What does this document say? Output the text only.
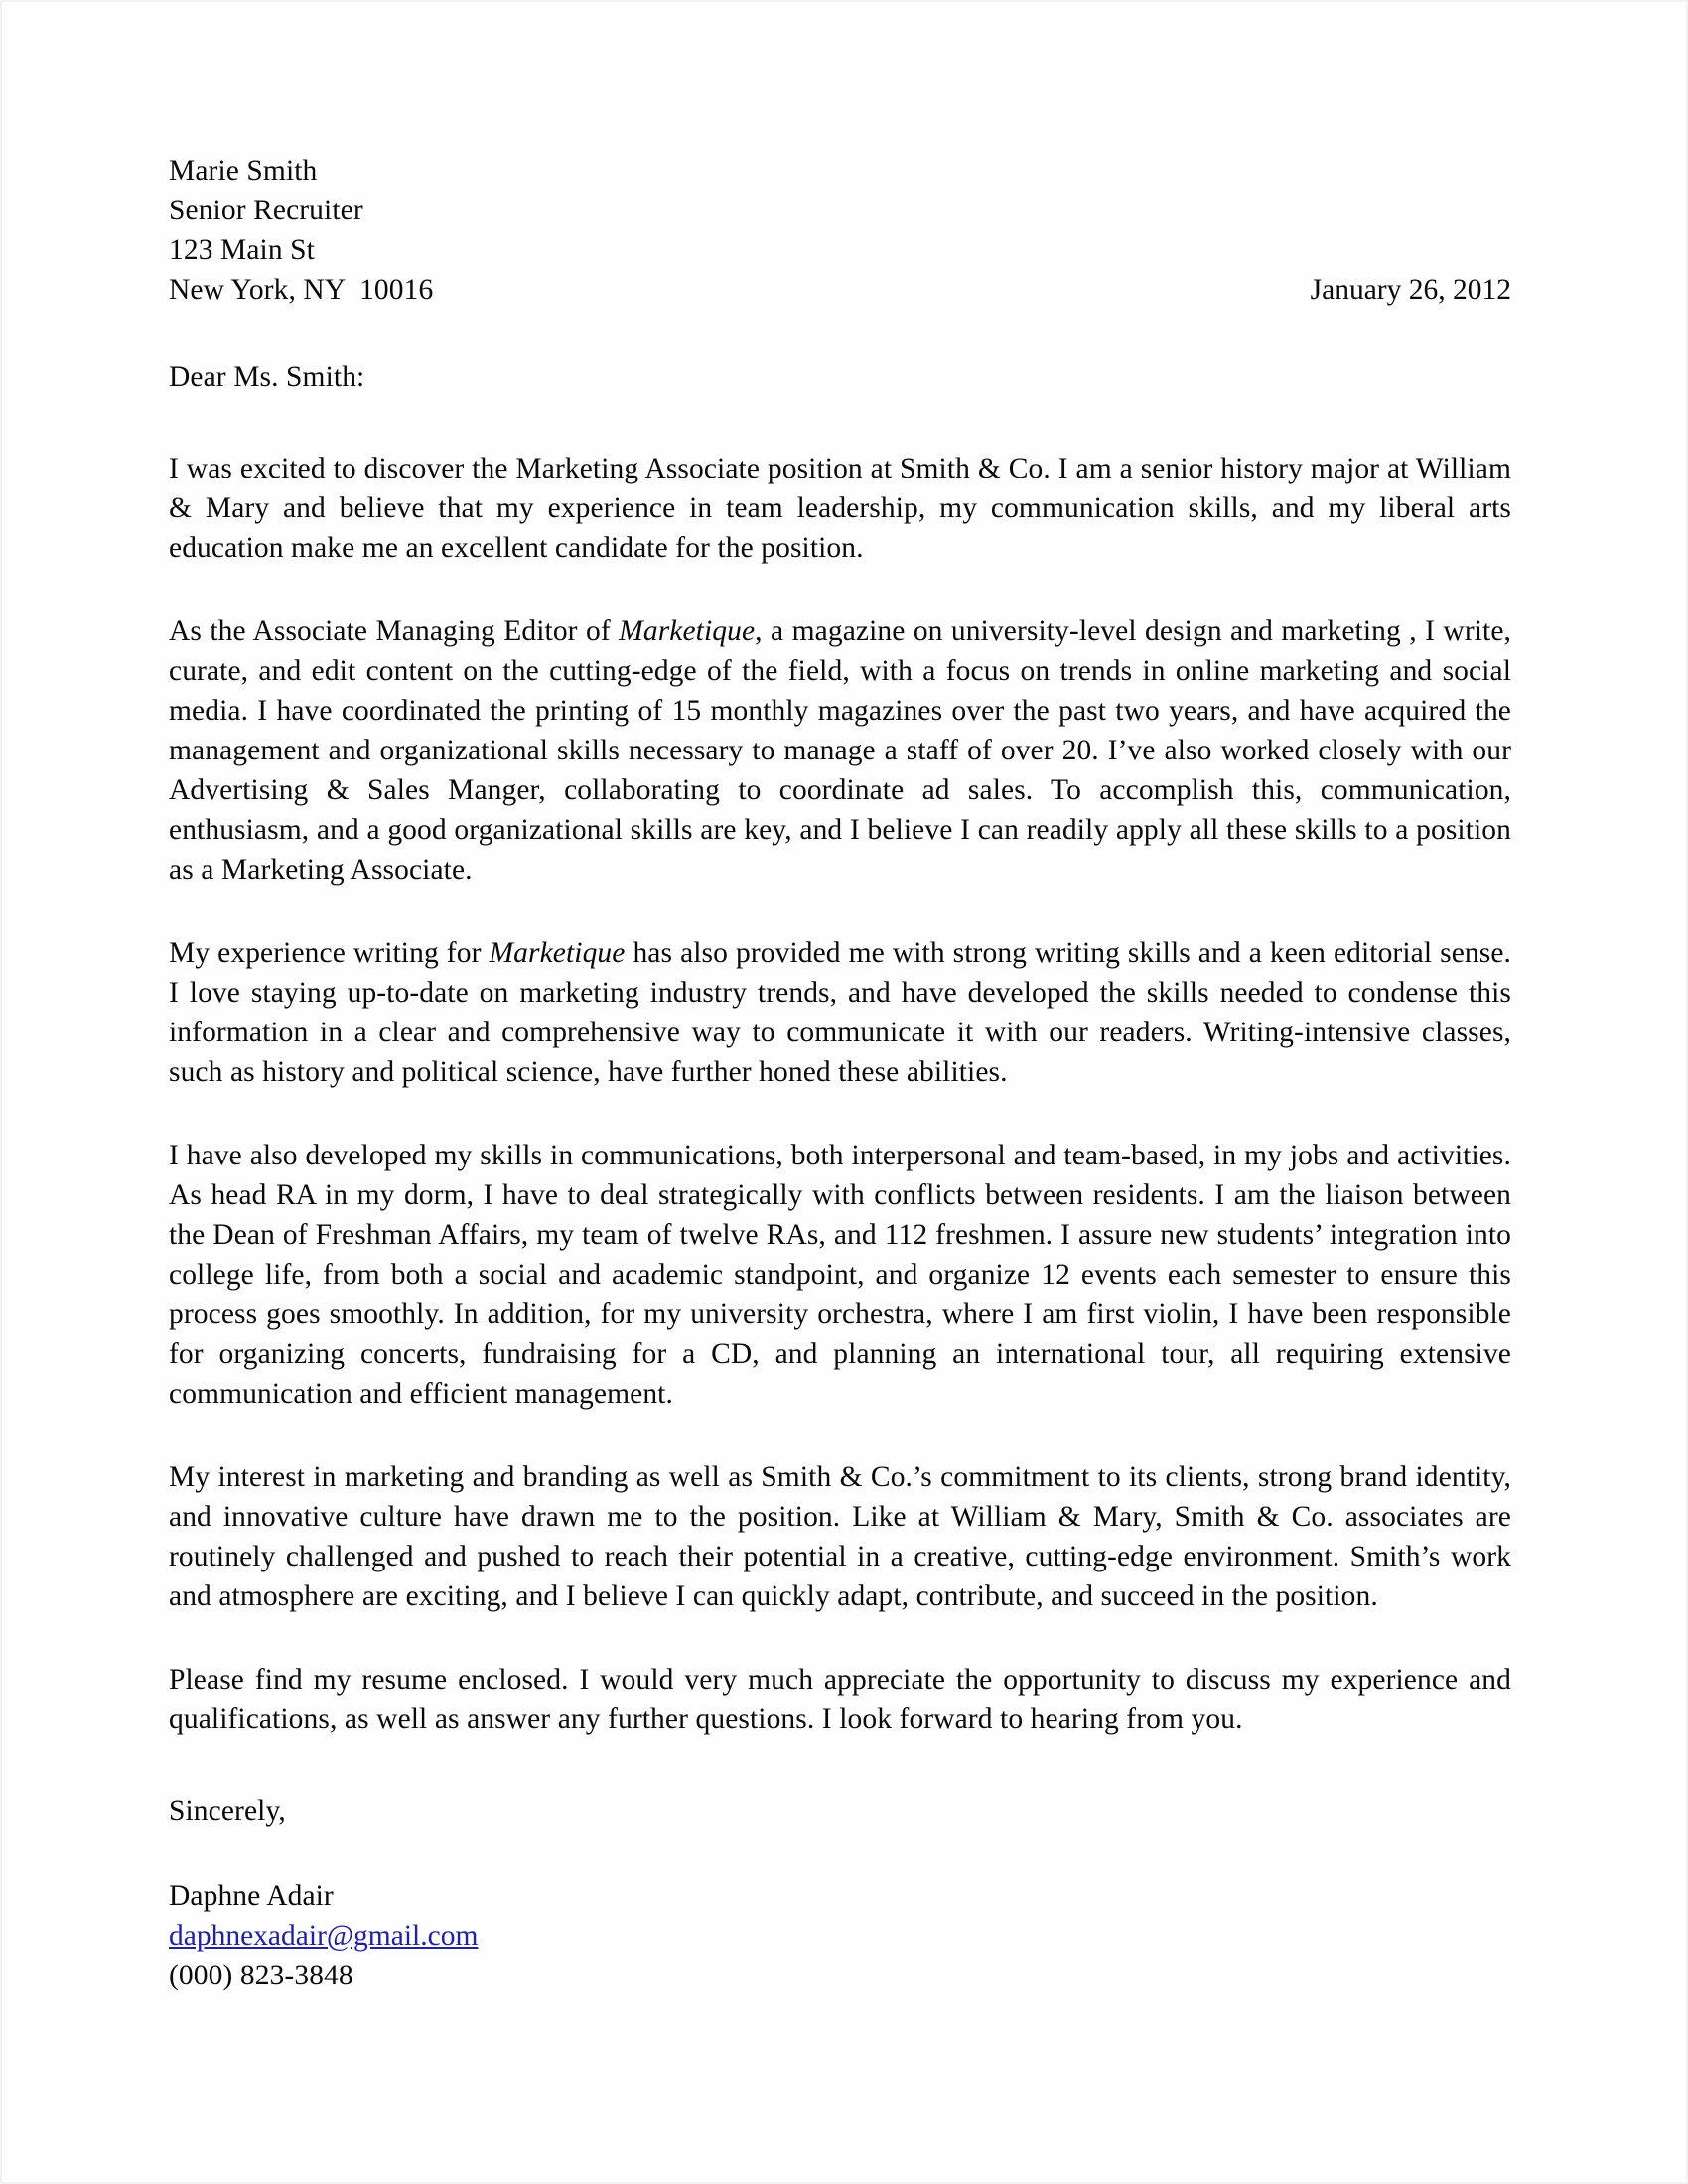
Marie Smith
Senior Recruiter
123 Main St
New York, NY  10016	January 26, 2012
Dear Ms. Smith:

I was excited to discover the Marketing Associate position at Smith & Co. I am a senior history major at William & Mary and believe that my experience in team leadership, my communication skills, and my liberal arts education make me an excellent candidate for the position.

As the Associate Managing Editor of Marketique, a magazine on university-level design and marketing , I write, curate, and edit content on the cutting-edge of the field, with a focus on trends in online marketing and social media. I have coordinated the printing of 15 monthly magazines over the past two years, and have acquired the management and organizational skills necessary to manage a staff of over 20. I’ve also worked closely with our Advertising & Sales Manger, collaborating to coordinate ad sales. To accomplish this, communication, enthusiasm, and a good organizational skills are key, and I believe I can readily apply all these skills to a position as a Marketing Associate.

My experience writing for Marketique has also provided me with strong writing skills and a keen editorial sense. I love staying up-to-date on marketing industry trends, and have developed the skills needed to condense this information in a clear and comprehensive way to communicate it with our readers. Writing-intensive classes, such as history and political science, have further honed these abilities.

I have also developed my skills in communications, both interpersonal and team-based, in my jobs and activities. As head RA in my dorm, I have to deal strategically with conflicts between residents. I am the liaison between the Dean of Freshman Affairs, my team of twelve RAs, and 112 freshmen. I assure new students’ integration into college life, from both a social and academic standpoint, and organize 12 events each semester to ensure this process goes smoothly. In addition, for my university orchestra, where I am first violin, I have been responsible for organizing concerts, fundraising for a CD, and planning an international tour, all requiring extensive communication and efficient management.

My interest in marketing and branding as well as Smith & Co.’s commitment to its clients, strong brand identity, and innovative culture have drawn me to the position. Like at William & Mary, Smith & Co. associates are routinely challenged and pushed to reach their potential in a creative, cutting-edge environment. Smith’s work and atmosphere are exciting, and I believe I can quickly adapt, contribute, and succeed in the position.

Please find my resume enclosed. I would very much appreciate the opportunity to discuss my experience and qualifications, as well as answer any further questions. I look forward to hearing from you.

Sincerely,
Daphne Adair
daphnexadair@gmail.com
(000) 823-3848
